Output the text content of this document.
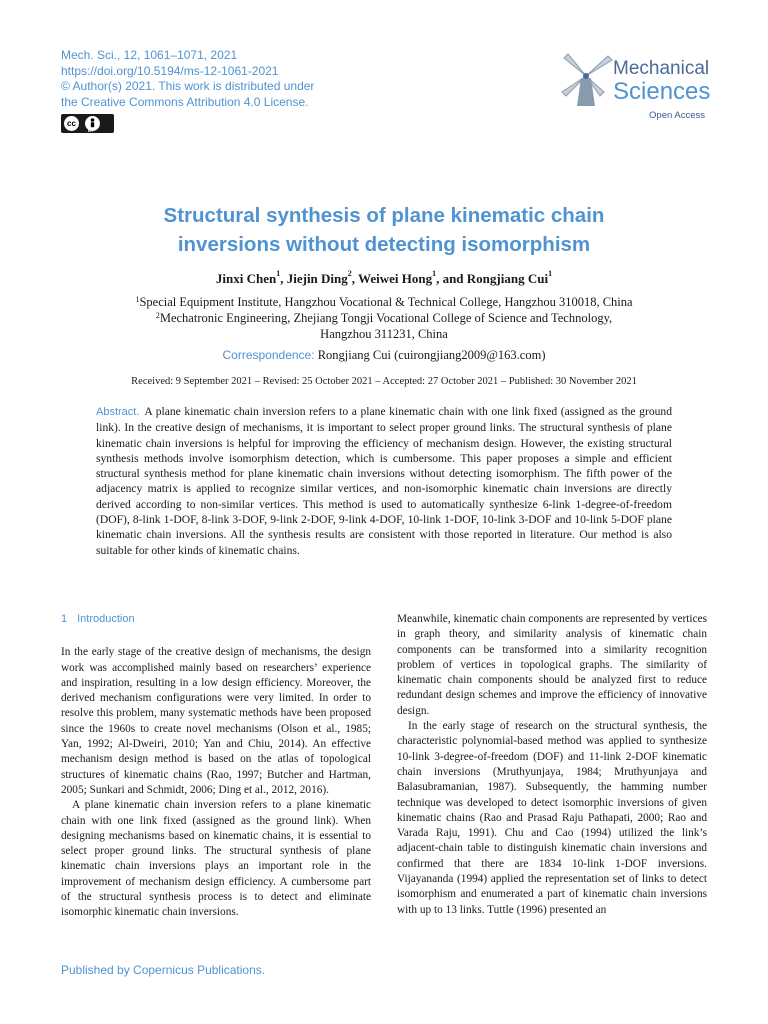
Mech. Sci., 12, 1061–1071, 2021
https://doi.org/10.5194/ms-12-1061-2021
© Author(s) 2021. This work is distributed under
the Creative Commons Attribution 4.0 License.
cc
BY
Mechanical
Sciences
Open Access
Structural synthesis of plane kinematic chain
inversions without detecting isomorphism
Jinxi Chen$^1$, Jiejin Ding$^2$, Weiwei Hong$^1$, and Rongjiang Cui$^1$
$^1$Special Equipment Institute, Hangzhou Vocational & Technical College, Hangzhou 310018, China
$^2$Mechatronic Engineering, Zhejiang Tongji Vocational College of Science and Technology,
Hangzhou 311231, China
Correspondence: Rongjiang Cui (cuirongjiang2009@163.com)
Received: 9 September 2021 – Revised: 25 October 2021 – Accepted: 27 October 2021 – Published: 30 November 2021
Abstract. A plane kinematic chain inversion refers to a plane kinematic chain with one link fixed (assigned as the ground link). In the creative design of mechanisms, it is important to select proper ground links. The structural synthesis of plane kinematic chain inversions is helpful for improving the efficiency of mechanism design. However, the existing structural synthesis methods involve isomorphism detection, which is cumbersome. This paper proposes a simple and efficient structural synthesis method for plane kinematic chain inversions without detecting isomorphism. The fifth power of the adjacency matrix is applied to recognize similar vertices, and non-isomorphic kinematic chain inversions are directly derived according to non-similar vertices. This method is used to automatically synthesize 6-link 1-degree-of-freedom (DOF), 8-link 1-DOF, 8-link 3-DOF, 9-link 2-DOF, 9-link 4-DOF, 10-link 1-DOF, 10-link 3-DOF and 10-link 5-DOF plane kinematic chain inversions. All the synthesis results are consistent with those reported in literature. Our method is also suitable for other kinds of kinematic chains.
1 Introduction

In the early stage of the creative design of mechanisms, the design work was accomplished mainly based on researchers’ experience and inspiration, resulting in a low design efficiency. Moreover, the derived mechanism configurations were very limited. In order to resolve this problem, many systematic methods have been proposed since the 1960s to create novel mechanisms (Olson et al., 1985; Yan, 1992; Al-Dweiri, 2010; Yan and Chiu, 2014). An effective mechanism design method is based on the atlas of topological structures of kinematic chains (Rao, 1997; Butcher and Hartman, 2005; Sunkari and Schmidt, 2006; Ding et al., 2012, 2016).

A plane kinematic chain inversion refers to a plane kinematic chain with one link fixed (assigned as the ground link). When designing mechanisms based on kinematic chains, it is essential to select proper ground links. The structural synthesis of plane kinematic chain inversions plays an important role in the improvement of mechanism design efficiency. A cumbersome part of the structural synthesis process is to detect and eliminate isomorphic kinematic chain inversions.

Meanwhile, kinematic chain components are represented by vertices in graph theory, and similarity analysis of kinematic chain components can be transformed into a similarity recognition problem of vertices in topological graphs. The similarity of kinematic chain components should be analyzed first to reduce redundant design schemes and improve the efficiency of innovative design.

In the early stage of research on the structural synthesis, the characteristic polynomial-based method was applied to synthesize 10-link 3-degree-of-freedom (DOF) and 11-link 2-DOF kinematic chain inversions (Mruthyunjaya, 1984; Mruthyunjaya and Balasubramanian, 1987). Subsequently, the hamming number technique was developed to detect isomorphic inversions of given kinematic chains (Rao and Prasad Raju Pathapati, 2000; Rao and Varada Raju, 1991). Chu and Cao (1994) utilized the link’s adjacent-chain table to distinguish kinematic chain inversions and confirmed that there are 1834 10-link 1-DOF inversions. Vijayananda (1994) applied the representation set of links to detect isomorphism and enumerated a part of kinematic chain inversions with up to 13 links. Tuttle (1996) presented an

Published by Copernicus Publications.
